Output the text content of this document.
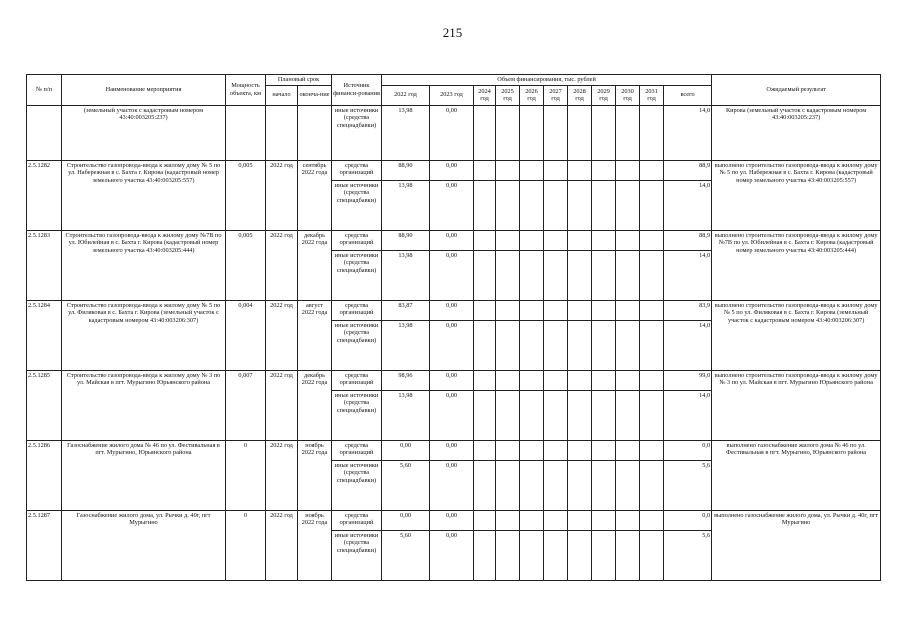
215
№ п/п	Наименование мероприятия	Мощность объекта, км	Плановый срок		Источник финанси-рования	Объем финансирования, тыс. рублей											Ожидаемый результат
			начало	оконча-ние		2022 год	2023 год	2024 год	2025 год	2026 год	2027 год	2028 год	2029 год	2030 год	2031 год	всего	
	(земельный участок с кадастровым номером 43:40:003205:237)				иные источники (средства спецнадбавки)	13,98	0,00									14,0	Кирова (земельный участок с кадастровым номером 43:40:003205:237)
2.5.1282	Строительство газопровода-ввода к жилому дому № 5 по ул. Набережная в с. Бахта г. Кирова (кадастровый номер земельного участка 43:40:003205:557)	0,005	2022 год	сентябрь 2022 года	средства организаций	88,90	0,00									88,9	выполнено строительство газопровода-ввода к жилому дому № 5 по ул. Набережная в с. Бахта г. Кирова (кадастровый номер земельного участка 43:40:003205:557)
					иные источники (средства спецнадбавки)	13,98	0,00									14,0	
2.5.1283	Строительство газопровода-ввода к жилому дому №7В по ул. Юбилейная в с. Бахта г. Кирова (кадастровый номер земельного участка 43:40:003205:444)	0,005	2022 год	декабрь 2022 года	средства организаций	88,90	0,00									88,9	выполнено строительство газопровода-ввода к жилому дому №7В по ул. Юбилейная в с. Бахта г. Кирова (кадастровый номер земельного участка 43:40:003205:444)
					иные источники (средства спецнадбавки)	13,98	0,00									14,0	
2.5.1284	Строительство газопровода-ввода к жилому дому № 5 по ул. Филяковая в с. Бахта г. Кирова (земельный участок с кадастровым номером 43:40:003206:307)	0,004	2022 год	август 2022 года	средства организаций	83,87	0,00									83,9	выполнено строительство газопровода-ввода к жилому дому № 5 по ул. Филяковая в с. Бахта г. Кирова (земельный участок с кадастровым номером 43:40:003206:307)
					иные источники (средства спецнадбавки)	13,98	0,00									14,0	
2.5.1285	Строительство газопровода-ввода к жилому дому № 3 по ул. Майская в пгт. Мурыгино Юрьянского района	0,007	2022 год	декабрь 2022 года	средства организаций	98,96	0,00									99,0	выполнено строительство газопровода-ввода к жилому дому № 3 по ул. Майская в пгт. Мурыгино Юрьянского района
					иные источники (средства спецнадбавки)	13,98	0,00									14,0	
2.5.1286	Газоснабжение жилого дома № 46 по ул. Фестивальная в пгт. Мурыгино, Юрьянского района	0	2022 год	ноябрь 2022 года	средства организаций	0,00	0,00									0,0	выполнено газоснабжение жилого дома № 46 по ул. Фестивальная в пгт. Мурыгино, Юрьянского района
					иные источники (средства спецнадбавки)	5,60	0,00									5,6	
2.5.1287	Газоснабжение жилого дома, ул. Рычки д. 40г, пгт Мурыгино	0	2022 год	ноябрь 2022 года	средства организаций	0,00	0,00									0,0	выполнено газоснабжение жилого дома, ул. Рычки д. 40г, пгт Мурыгино
					иные источники (средства спецнадбавки)	5,60	0,00									5,6	
